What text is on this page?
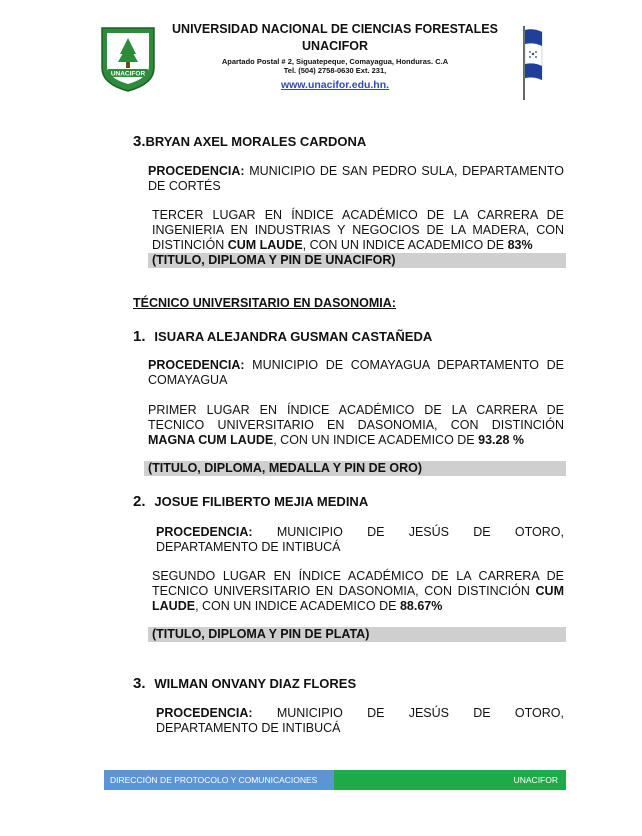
UNACIFOR
UNIVERSIDAD NACIONAL DE CIENCIAS FORESTALES
UNACIFOR
Apartado Postal # 2, Siguatepeque, Comayagua, Honduras. C.A
Tel. (504) 2758-0630 Ext. 231,
www.unacifor.edu.hn.
3.BRYAN AXEL MORALES CARDONA
PROCEDENCIA: MUNICIPIO DE SAN PEDRO SULA, DEPARTAMENTO DE CORTÉS
TERCER LUGAR EN ÍNDICE ACADÉMICO DE LA CARRERA DE INGENIERIA EN INDUSTRIAS Y NEGOCIOS DE LA MADERA, CON DISTINCIÓN CUM LAUDE, CON UN INDICE ACADEMICO DE 83%
(TITULO, DIPLOMA Y PIN DE UNACIFOR)
TÉCNICO UNIVERSITARIO EN DASONOMIA:
1. ISUARA ALEJANDRA GUSMAN CASTAÑEDA
PROCEDENCIA: MUNICIPIO DE COMAYAGUA DEPARTAMENTO DE COMAYAGUA
PRIMER LUGAR EN ÍNDICE ACADÉMICO DE LA CARRERA DE TECNICO UNIVERSITARIO EN DASONOMIA, CON DISTINCIÓN MAGNA CUM LAUDE, CON UN INDICE ACADEMICO DE 93.28 %
(TITULO, DIPLOMA, MEDALLA Y PIN DE ORO)
2. JOSUE FILIBERTO MEJIA MEDINA
PROCEDENCIA: MUNICIPIO DE JESÚS DE OTORO, DEPARTAMENTO DE INTIBUCÁ
SEGUNDO LUGAR EN ÍNDICE ACADÉMICO DE LA CARRERA DE TECNICO UNIVERSITARIO EN DASONOMIA, CON DISTINCIÓN CUM LAUDE, CON UN INDICE ACADEMICO DE 88.67%
(TITULO, DIPLOMA Y PIN DE PLATA)
3. WILMAN ONVANY DIAZ FLORES
PROCEDENCIA: MUNICIPIO DE JESÚS DE OTORO, DEPARTAMENTO DE INTIBUCÁ
DIRECCIÓN DE PROTOCOLO Y COMUNICACIONES	UNACIFOR
